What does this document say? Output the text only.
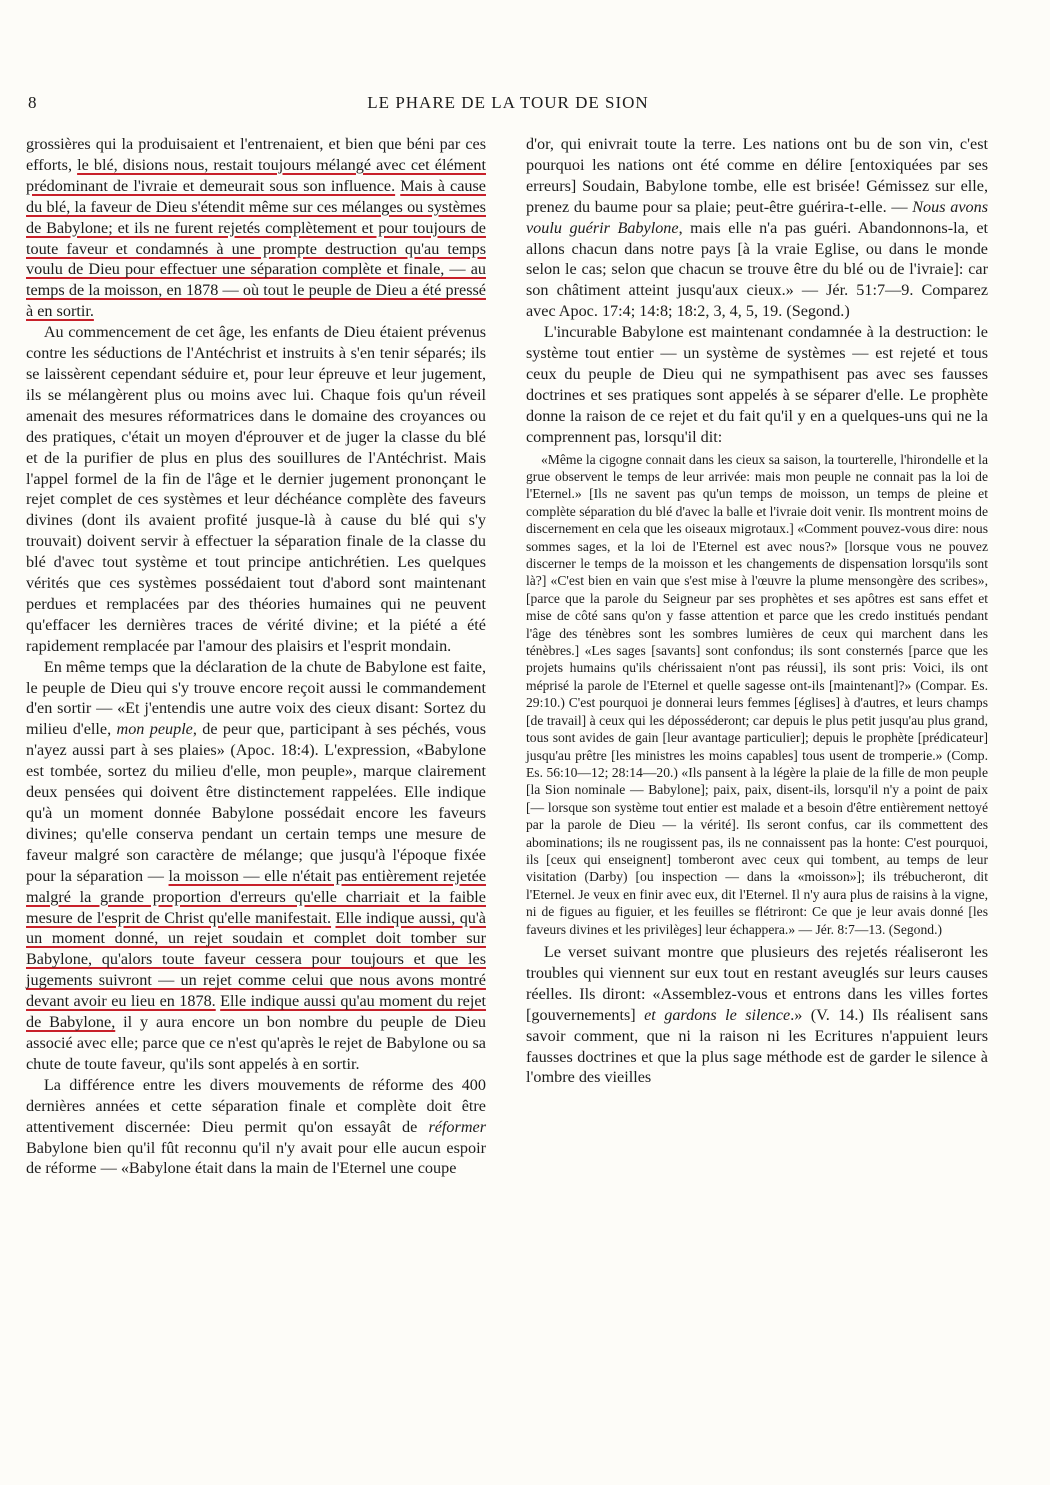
8	LE PHARE DE LA TOUR DE SION

grossières qui la produisaient et l'entrenaient, et bien que béni par ces efforts, le blé, disions nous, restait toujours mélangé avec cet élément prédominant de l'ivraie et demeurait sous son influence. Mais à cause du blé, la faveur de Dieu s'étendit même sur ces mélanges ou systèmes de Babylone; et ils ne furent rejetés complètement et pour toujours de toute faveur et condamnés à une prompte destruction qu'au temps voulu de Dieu pour effectuer une séparation complète et finale, — au temps de la moisson, en 1878 — où tout le peuple de Dieu a été pressé à en sortir.

Au commencement de cet âge, les enfants de Dieu étaient prévenus contre les séductions de l'Antéchrist et instruits à s'en tenir séparés; ils se laissèrent cependant séduire et, pour leur épreuve et leur jugement, ils se mélangèrent plus ou moins avec lui. Chaque fois qu'un réveil amenait des mesures réformatrices dans le domaine des croyances ou des pratiques, c'était un moyen d'éprouver et de juger la classe du blé et de la purifier de plus en plus des souillures de l'Antéchrist. Mais l'appel formel de la fin de l'âge et le dernier jugement prononçant le rejet complet de ces systèmes et leur déchéance complète des faveurs divines (dont ils avaient profité jusque-là à cause du blé qui s'y trouvait) doivent servir à effectuer la séparation finale de la classe du blé d'avec tout système et tout principe antichrétien. Les quelques vérités que ces systèmes possédaient tout d'abord sont maintenant perdues et remplacées par des théories humaines qui ne peuvent qu'effacer les dernières traces de vérité divine; et la piété a été rapidement remplacée par l'amour des plaisirs et l'esprit mondain.

En même temps que la déclaration de la chute de Babylone est faite, le peuple de Dieu qui s'y trouve encore reçoit aussi le commandement d'en sortir — «Et j'entendis une autre voix des cieux disant: Sortez du milieu d'elle, mon peuple, de peur que, participant à ses péchés, vous n'ayez aussi part à ses plaies» (Apoc. 18:4). L'expression, «Babylone est tombée, sortez du milieu d'elle, mon peuple», marque clairement deux pensées qui doivent être distinctement rappelées. Elle indique qu'à un moment donnée Babylone possédait encore les faveurs divines; qu'elle conserva pendant un certain temps une mesure de faveur malgré son caractère de mélange; que jusqu'à l'époque fixée pour la séparation — la moisson — elle n'était pas entièrement rejetée malgré la grande proportion d'erreurs qu'elle charriait et la faible mesure de l'esprit de Christ qu'elle manifestait. Elle indique aussi, qu'à un moment donné, un rejet soudain et complet doit tomber sur Babylone, qu'alors toute faveur cessera pour toujours et que les jugements suivront — un rejet comme celui que nous avons montré devant avoir eu lieu en 1878. Elle indique aussi qu'au moment du rejet de Babylone, il y aura encore un bon nombre du peuple de Dieu associé avec elle; parce que ce n'est qu'après le rejet de Babylone ou sa chute de toute faveur, qu'ils sont appelés à en sortir.

La différence entre les divers mouvements de réforme des 400 dernières années et cette séparation finale et complète doit être attentivement discernée: Dieu permit qu'on essayât de réformer Babylone bien qu'il fût reconnu qu'il n'y avait pour elle aucun espoir de réforme — «Babylone était dans la main de l'Eternel une coupe

d'or, qui enivrait toute la terre. Les nations ont bu de son vin, c'est pourquoi les nations ont été comme en délire [entoxiquées par ses erreurs] Soudain, Babylone tombe, elle est brisée! Gémissez sur elle, prenez du baume pour sa plaie; peut-être guérira-t-elle. — Nous avons voulu guérir Babylone, mais elle n'a pas guéri. Abandonnons-la, et allons chacun dans notre pays [à la vraie Eglise, ou dans le monde selon le cas; selon que chacun se trouve être du blé ou de l'ivraie]: car son châtiment atteint jusqu'aux cieux.» — Jér. 51:7—9. Comparez avec Apoc. 17:4; 14:8; 18:2, 3, 4, 5, 19. (Segond.)

L'incurable Babylone est maintenant condamnée à la destruction: le système tout entier — un système de systèmes — est rejeté et tous ceux du peuple de Dieu qui ne sympathisent pas avec ses fausses doctrines et ses pratiques sont appelés à se séparer d'elle. Le prophète donne la raison de ce rejet et du fait qu'il y en a quelques-uns qui ne la comprennent pas, lorsqu'il dit:

«Même la cigogne connait dans les cieux sa saison, la tourterelle, l'hirondelle et la grue observent le temps de leur arrivée: mais mon peuple ne connait pas la loi de l'Eternel.» [Ils ne savent pas qu'un temps de moisson, un temps de pleine et complète séparation du blé d'avec la balle et l'ivraie doit venir. Ils montrent moins de discernement en cela que les oiseaux migrotaux.] «Comment pouvez-vous dire: nous sommes sages, et la loi de l'Eternel est avec nous?» [lorsque vous ne pouvez discerner le temps de la moisson et les changements de dispensation lorsqu'ils sont là?] «C'est bien en vain que s'est mise à l'œuvre la plume mensongère des scribes», [parce que la parole du Seigneur par ses prophètes et ses apôtres est sans effet et mise de côté sans qu'on y fasse attention et parce que les credo institués pendant l'âge des ténèbres sont les sombres lumières de ceux qui marchent dans les ténèbres.] «Les sages [savants] sont confondus; ils sont consternés [parce que les projets humains qu'ils chérissaient n'ont pas réussi], ils sont pris: Voici, ils ont méprisé la parole de l'Eternel et quelle sagesse ont-ils [maintenant]?» (Compar. Es. 29:10.) C'est pourquoi je donnerai leurs femmes [églises] à d'autres, et leurs champs [de travail] à ceux qui les déposséderont; car depuis le plus petit jusqu'au plus grand, tous sont avides de gain [leur avantage particulier]; depuis le prophète [prédicateur] jusqu'au prêtre [les ministres les moins capables] tous usent de tromperie.» (Comp. Es. 56:10—12; 28:14—20.) «Ils pansent à la légère la plaie de la fille de mon peuple [la Sion nominale — Babylone]; paix, paix, disent-ils, lorsqu'il n'y a point de paix [— lorsque son système tout entier est malade et a besoin d'être entièrement nettoyé par la parole de Dieu — la vérité]. Ils seront confus, car ils commettent des abominations; ils ne rougissent pas, ils ne connaissent pas la honte: C'est pourquoi, ils [ceux qui enseignent] tomberont avec ceux qui tombent, au temps de leur visitation (Darby) [ou inspection — dans la «moisson»]; ils trébucheront, dit l'Eternel. Je veux en finir avec eux, dit l'Eternel. Il n'y aura plus de raisins à la vigne, ni de figues au figuier, et les feuilles se flétriront: Ce que je leur avais donné [les faveurs divines et les privilèges] leur échappera.» — Jér. 8:7—13. (Segond.)

Le verset suivant montre que plusieurs des rejetés réaliseront les troubles qui viennent sur eux tout en restant aveuglés sur leurs causes réelles. Ils diront: «Assemblez-vous et entrons dans les villes fortes [gouvernements] et gardons le silence.» (V. 14.) Ils réalisent sans savoir comment, que ni la raison ni les Ecritures n'appuient leurs fausses doctrines et que la plus sage méthode est de garder le silence à l'ombre des vieilles
